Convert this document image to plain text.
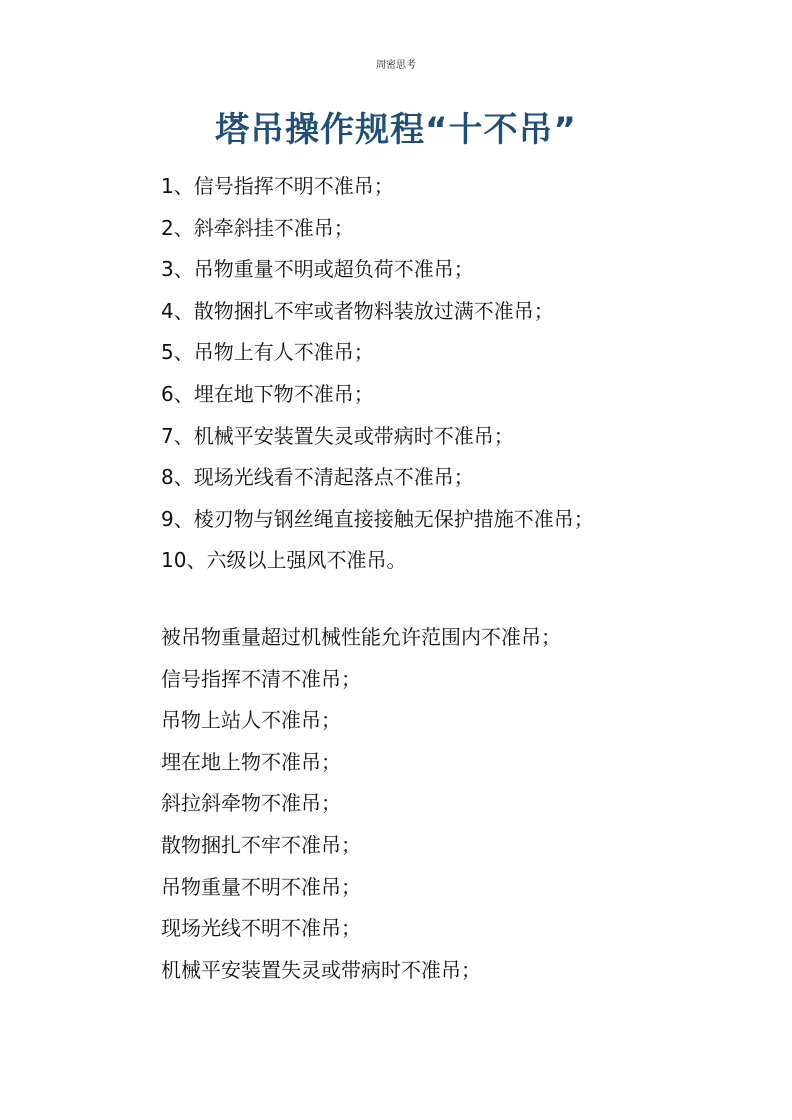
周密思考
塔吊操作规程“十不吊”
1、信号指挥不明不准吊；
2、斜牵斜挂不准吊；
3、吊物重量不明或超负荷不准吊；
4、散物捆扎不牢或者物料装放过满不准吊；
5、吊物上有人不准吊；
6、埋在地下物不准吊；
7、机械平安装置失灵或带病时不准吊；
8、现场光线看不清起落点不准吊；
9、棱刃物与钢丝绳直接接触无保护措施不准吊；
10、六级以上强风不准吊。
被吊物重量超过机械性能允许范围内不准吊；
信号指挥不清不准吊；
吊物上站人不准吊；
埋在地上物不准吊；
斜拉斜牵物不准吊；
散物捆扎不牢不准吊；
吊物重量不明不准吊；
现场光线不明不准吊；
机械平安装置失灵或带病时不准吊；
